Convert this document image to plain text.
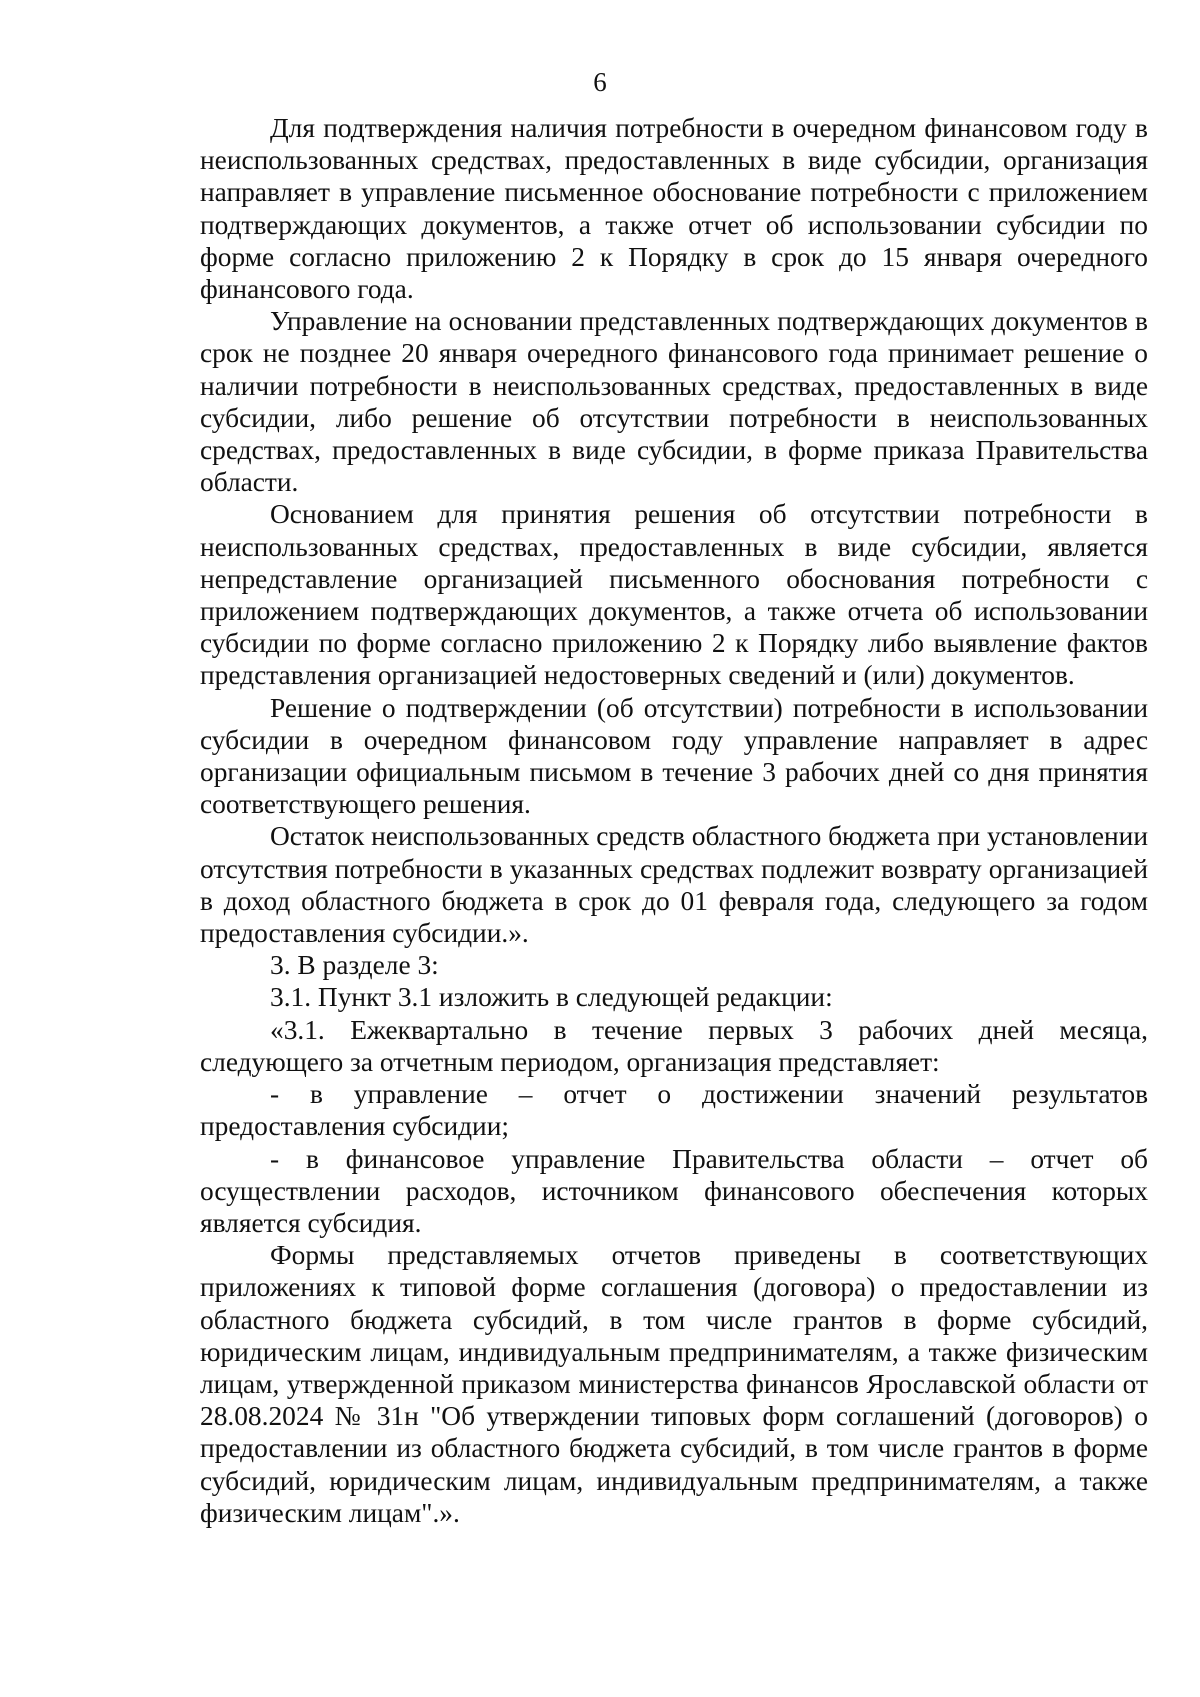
6

Для подтверждения наличия потребности в очередном финансовом году в неиспользованных средствах, предоставленных в виде субсидии, организация направляет в управление письменное обоснование потребности с приложением подтверждающих документов, а также отчет об использовании субсидии по форме согласно приложению 2 к Порядку в срок до 15 января очередного финансового года.

Управление на основании представленных подтверждающих документов в срок не позднее 20 января очередного финансового года принимает решение о наличии потребности в неиспользованных средствах, предоставленных в виде субсидии, либо решение об отсутствии потребности в неиспользованных средствах, предоставленных в виде субсидии, в форме приказа Правительства области.

Основанием для принятия решения об отсутствии потребности в неиспользованных средствах, предоставленных в виде субсидии, является непредставление организацией письменного обоснования потребности с приложением подтверждающих документов, а также отчета об использовании субсидии по форме согласно приложению 2 к Порядку либо выявление фактов представления организацией недостоверных сведений и (или) документов.

Решение о подтверждении (об отсутствии) потребности в использовании субсидии в очередном финансовом году управление направляет в адрес организации официальным письмом в течение 3 рабочих дней со дня принятия соответствующего решения.

Остаток неиспользованных средств областного бюджета при установлении отсутствия потребности в указанных средствах подлежит возврату организацией в доход областного бюджета в срок до 01 февраля года, следующего за годом предоставления субсидии.».

3. В разделе 3:

3.1. Пункт 3.1 изложить в следующей редакции:

«3.1. Ежеквартально в течение первых 3 рабочих дней месяца, следующего за отчетным периодом, организация представляет:

- в управление – отчет о достижении значений результатов предоставления субсидии;

- в финансовое управление Правительства области – отчет об осуществлении расходов, источником финансового обеспечения которых является субсидия.

Формы представляемых отчетов приведены в соответствующих приложениях к типовой форме соглашения (договора) о предоставлении из областного бюджета субсидий, в том числе грантов в форме субсидий, юридическим лицам, индивидуальным предпринимателям, а также физическим лицам, утвержденной приказом министерства финансов Ярославской области от 28.08.2024 № 31н "Об утверждении типовых форм соглашений (договоров) о предоставлении из областного бюджета субсидий, в том числе грантов в форме субсидий, юридическим лицам, индивидуальным предпринимателям, а также физическим лицам".».
